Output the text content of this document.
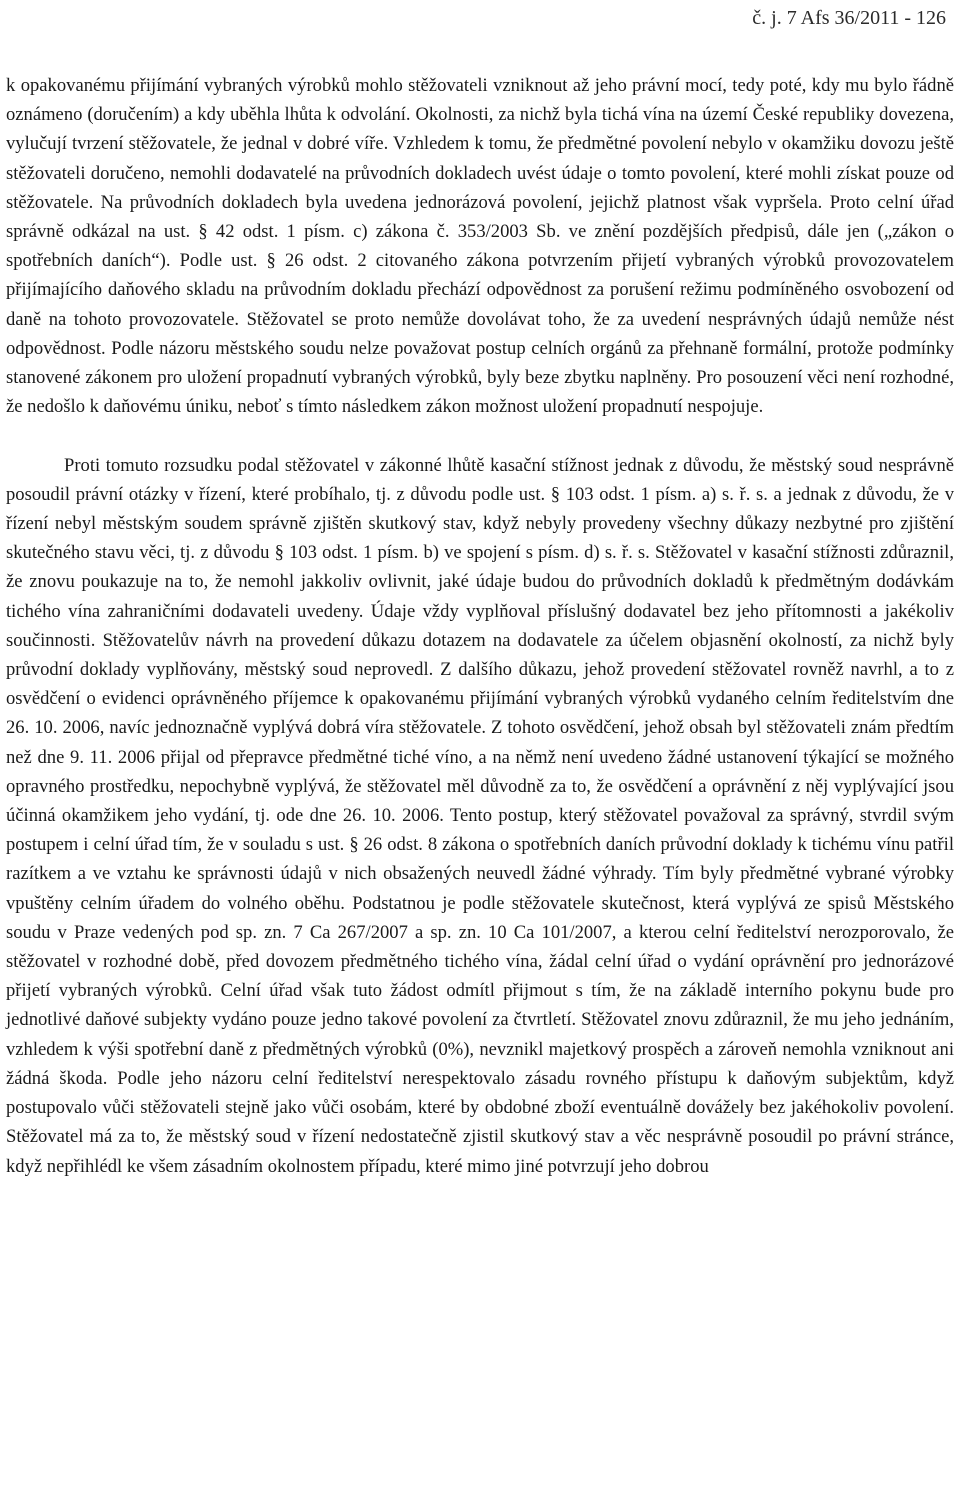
č. j. 7 Afs 36/2011 - 126

k opakovanému přijímání vybraných výrobků mohlo stěžovateli vzniknout až jeho právní mocí, tedy poté, kdy mu bylo řádně oznámeno (doručením) a kdy uběhla lhůta k odvolání. Okolnosti, za nichž byla tichá vína na území České republiky dovezena, vylučují tvrzení stěžovatele, že jednal v dobré víře. Vzhledem k tomu, že předmětné povolení nebylo v okamžiku dovozu ještě stěžovateli doručeno, nemohli dodavatelé na průvodních dokladech uvést údaje o tomto povolení, které mohli získat pouze od stěžovatele. Na průvodních dokladech byla uvedena jednorázová povolení, jejichž platnost však vypršela. Proto celní úřad správně odkázal na ust. § 42 odst. 1 písm. c) zákona č. 353/2003 Sb. ve znění pozdějších předpisů, dále jen („zákon o spotřebních daních“). Podle ust. § 26 odst. 2 citovaného zákona potvrzením přijetí vybraných výrobků provozovatelem přijímajícího daňového skladu na průvodním dokladu přechází odpovědnost za porušení režimu podmíněného osvobození od daně na tohoto provozovatele. Stěžovatel se proto nemůže dovolávat toho, že za uvedení nesprávných údajů nemůže nést odpovědnost. Podle názoru městského soudu nelze považovat postup celních orgánů za přehnaně formální, protože podmínky stanovené zákonem pro uložení propadnutí vybraných výrobků, byly beze zbytku naplněny. Pro posouzení věci není rozhodné, že nedošlo k daňovému úniku, neboť s tímto následkem zákon možnost uložení propadnutí nespojuje.

Proti tomuto rozsudku podal stěžovatel v zákonné lhůtě kasační stížnost jednak z důvodu, že městský soud nesprávně posoudil právní otázky v řízení, které probíhalo, tj. z důvodu podle ust. § 103 odst. 1 písm. a) s. ř. s. a jednak z důvodu, že v řízení nebyl městským soudem správně zjištěn skutkový stav, když nebyly provedeny všechny důkazy nezbytné pro zjištění skutečného stavu věci, tj. z důvodu § 103 odst. 1 písm. b) ve spojení s písm. d) s. ř. s. Stěžovatel v kasační stížnosti zdůraznil, že znovu poukazuje na to, že nemohl jakkoliv ovlivnit, jaké údaje budou do průvodních dokladů k předmětným dodávkám tichého vína zahraničními dodavateli uvedeny. Údaje vždy vyplňoval příslušný dodavatel bez jeho přítomnosti a jakékoliv součinnosti. Stěžovatelův návrh na provedení důkazu dotazem na dodavatele za účelem objasnění okolností, za nichž byly průvodní doklady vyplňovány, městský soud neprovedl. Z dalšího důkazu, jehož provedení stěžovatel rovněž navrhl, a to z osvědčení o evidenci oprávněného příjemce k opakovanému přijímání vybraných výrobků vydaného celním ředitelstvím dne 26. 10. 2006, navíc jednoznačně vyplývá dobrá víra stěžovatele. Z tohoto osvědčení, jehož obsah byl stěžovateli znám předtím než dne 9. 11. 2006 přijal od přepravce předmětné tiché víno, a na němž není uvedeno žádné ustanovení týkající se možného opravného prostředku, nepochybně vyplývá, že stěžovatel měl důvodně za to, že osvědčení a oprávnění z něj vyplývající jsou účinná okamžikem jeho vydání, tj. ode dne 26. 10. 2006. Tento postup, který stěžovatel považoval za správný, stvrdil svým postupem i celní úřad tím, že v souladu s ust. § 26 odst. 8 zákona o spotřebních daních průvodní doklady k tichému vínu patřil razítkem a ve vztahu ke správnosti údajů v nich obsažených neuvedl žádné výhrady. Tím byly předmětné vybrané výrobky vpuštěny celním úřadem do volného oběhu. Podstatnou je podle stěžovatele skutečnost, která vyplývá ze spisů Městského soudu v Praze vedených pod sp. zn. 7 Ca 267/2007 a sp. zn. 10 Ca 101/2007, a kterou celní ředitelství nerozporovalo, že stěžovatel v rozhodné době, před dovozem předmětného tichého vína, žádal celní úřad o vydání oprávnění pro jednorázové přijetí vybraných výrobků. Celní úřad však tuto žádost odmítl přijmout s tím, že na základě interního pokynu bude pro jednotlivé daňové subjekty vydáno pouze jedno takové povolení za čtvrtletí. Stěžovatel znovu zdůraznil, že mu jeho jednáním, vzhledem k výši spotřební daně z předmětných výrobků (0%), nevznikl majetkový prospěch a zároveň nemohla vzniknout ani žádná škoda. Podle jeho názoru celní ředitelství nerespektovalo zásadu rovného přístupu k daňovým subjektům, když postupovalo vůči stěžovateli stejně jako vůči osobám, které by obdobné zboží eventuálně dovážely bez jakéhokoliv povolení. Stěžovatel má za to, že městský soud v řízení nedostatečně zjistil skutkový stav a věc nesprávně posoudil po právní stránce, když nepřihlédl ke všem zásadním okolnostem případu, které mimo jiné potvrzují jeho dobrou
